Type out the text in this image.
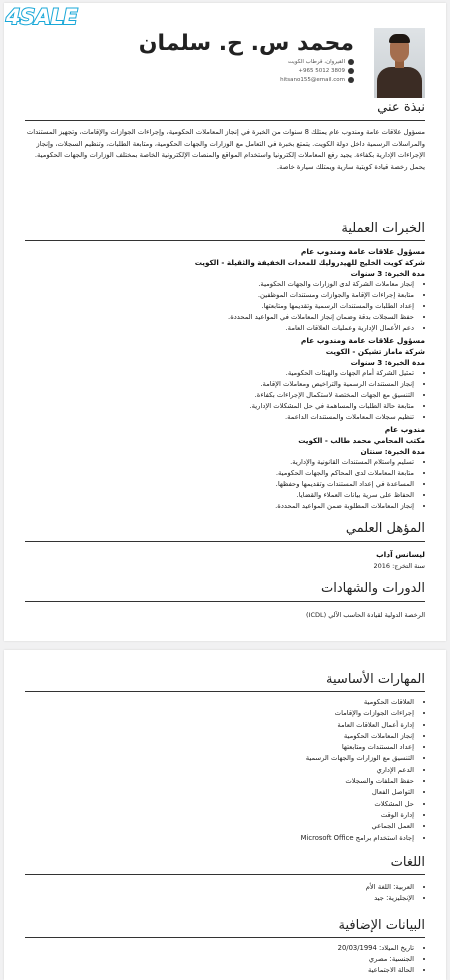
4SALE
محمد س. ح. سلمان
القيروان، قرطاب الكويت
+965 5012 3809
hitsano155@email.com
نبذة عني
مسؤول علاقات عامة ومندوب عام يمتلك 8 سنوات من الخبرة في إنجاز المعاملات الحكومية، وإجراءات الجوازات والإقامات، وتجهيز المستندات والمراسلات الرسمية داخل دولة الكويت. يتمتع بخبرة في التعامل مع الوزارات والجهات الحكومية، ومتابعة الطلبات، وتنظيم السجلات، وإنجاز الإجراءات الإدارية بكفاءة. يجيد رفع المعاملات إلكترونيا واستخدام المواقع والمنصات الإلكترونية الخاصة بمختلف الوزارات والجهات الحكومية. يحمل رخصة قيادة كويتية سارية ويمتلك سيارة خاصة.
الخبرات العملية
مسؤول علاقات عامة ومندوب عام
شركة كويت الخليج للهيدروليك للمعدات الخفيفة والثقيلة - الكويت
مدة الخبرة: 3 سنوات
• إنجاز معاملات الشركة لدى الوزارات والجهات الحكومية.
• متابعة إجراءات الإقامة والجوازات ومستندات الموظفين.
• إعداد الطلبات والمستندات الرسمية وتقديمها ومتابعتها.
• حفظ السجلات بدقة وضمان إنجاز المعاملات في المواعيد المحددة.
• دعم الأعمال الإدارية وعمليات العلاقات العامة.
مسؤول علاقات عامة ومندوب عام
شركة ماماز تشيكن - الكويت
مدة الخبرة: 3 سنوات
• تمثيل الشركة أمام الجهات والهيئات الحكومية.
• إنجاز المستندات الرسمية والتراخيص ومعاملات الإقامة.
• التنسيق مع الجهات المختصة لاستكمال الإجراءات بكفاءة.
• متابعة حالة الطلبات والمساهمة في حل المشكلات الإدارية.
• تنظيم سجلات المعاملات والمستندات الداعمة.
مندوب عام
مكتب المحامي محمد طالب - الكويت
مدة الخبرة: سنتان
• تسليم واستلام المستندات القانونية والإدارية.
• متابعة المعاملات لدى المحاكم والجهات الحكومية.
• المساعدة في إعداد المستندات وتقديمها وحفظها.
• الحفاظ على سرية بيانات العملاء والقضايا.
• إنجاز المعاملات المطلوبة ضمن المواعيد المحددة.
المؤهل العلمي
ليسانس آداب
سنة التخرج: 2016
الدورات والشهادات
الرخصة الدولية لقيادة الحاسب الآلي (ICDL)
المهارات الأساسية
• العلاقات الحكومية
• إجراءات الجوازات والإقامات
• إدارة أعمال العلاقات العامة
• إنجاز المعاملات الحكومية
• إعداد المستندات ومتابعتها
• التنسيق مع الوزارات والجهات الرسمية
• الدعم الإداري
• حفظ الملفات والسجلات
• التواصل الفعال
• حل المشكلات
• إدارة الوقت
• العمل الجماعي
• إجادة استخدام برامج Microsoft Office
اللغات
• العربية: اللغة الأم
• الإنجليزية: جيد
البيانات الإضافية
• تاريخ الميلاد: 20/03/1994
• الجنسية: مصري
• الحالة الاجتماعية
